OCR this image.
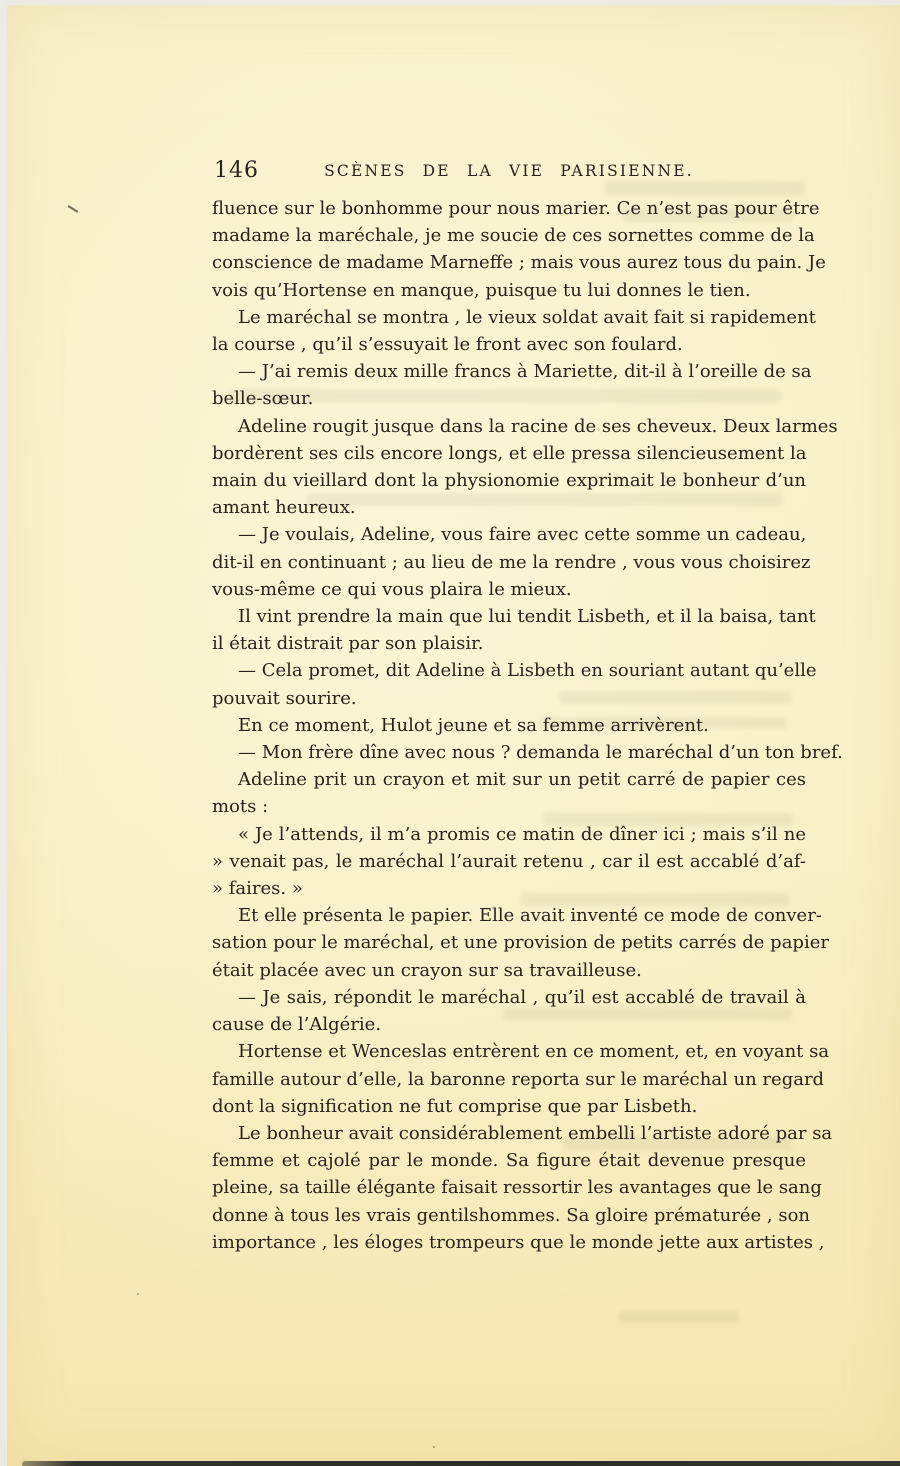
146	SCÈNES DE LA VIE PARISIENNE.
fluence sur le bonhomme pour nous marier. Ce n’est pas pour être
madame la maréchale, je me soucie de ces sornettes comme de la
conscience de madame Marneffe ; mais vous aurez tous du pain. Je
vois qu’Hortense en manque, puisque tu lui donnes le tien.
Le maréchal se montra , le vieux soldat avait fait si rapidement
la course , qu’il s’essuyait le front avec son foulard.
— J’ai remis deux mille francs à Mariette, dit-il à l’oreille de sa
belle-sœur.
Adeline rougit jusque dans la racine de ses cheveux. Deux larmes
bordèrent ses cils encore longs, et elle pressa silencieusement la
main du vieillard dont la physionomie exprimait le bonheur d’un
amant heureux.
— Je voulais, Adeline, vous faire avec cette somme un cadeau,
dit-il en continuant ; au lieu de me la rendre , vous vous choisirez
vous-même ce qui vous plaira le mieux.
Il vint prendre la main que lui tendit Lisbeth, et il la baisa, tant
il était distrait par son plaisir.
— Cela promet, dit Adeline à Lisbeth en souriant autant qu’elle
pouvait sourire.
En ce moment, Hulot jeune et sa femme arrivèrent.
— Mon frère dîne avec nous ? demanda le maréchal d’un ton bref.
Adeline prit un crayon et mit sur un petit carré de papier ces
mots :
« Je l’attends, il m’a promis ce matin de dîner ici ; mais s’il ne
» venait pas, le maréchal l’aurait retenu , car il est accablé d’af-
» faires. »
Et elle présenta le papier. Elle avait inventé ce mode de conver-
sation pour le maréchal, et une provision de petits carrés de papier
était placée avec un crayon sur sa travailleuse.
— Je sais, répondit le maréchal , qu’il est accablé de travail à
cause de l’Algérie.
Hortense et Wenceslas entrèrent en ce moment, et, en voyant sa
famille autour d’elle, la baronne reporta sur le maréchal un regard
dont la signification ne fut comprise que par Lisbeth.
Le bonheur avait considérablement embelli l’artiste adoré par sa
femme et cajolé par le monde. Sa figure était devenue presque
pleine, sa taille élégante faisait ressortir les avantages que le sang
donne à tous les vrais gentilshommes. Sa gloire prématurée , son
importance , les éloges trompeurs que le monde jette aux artistes ,
